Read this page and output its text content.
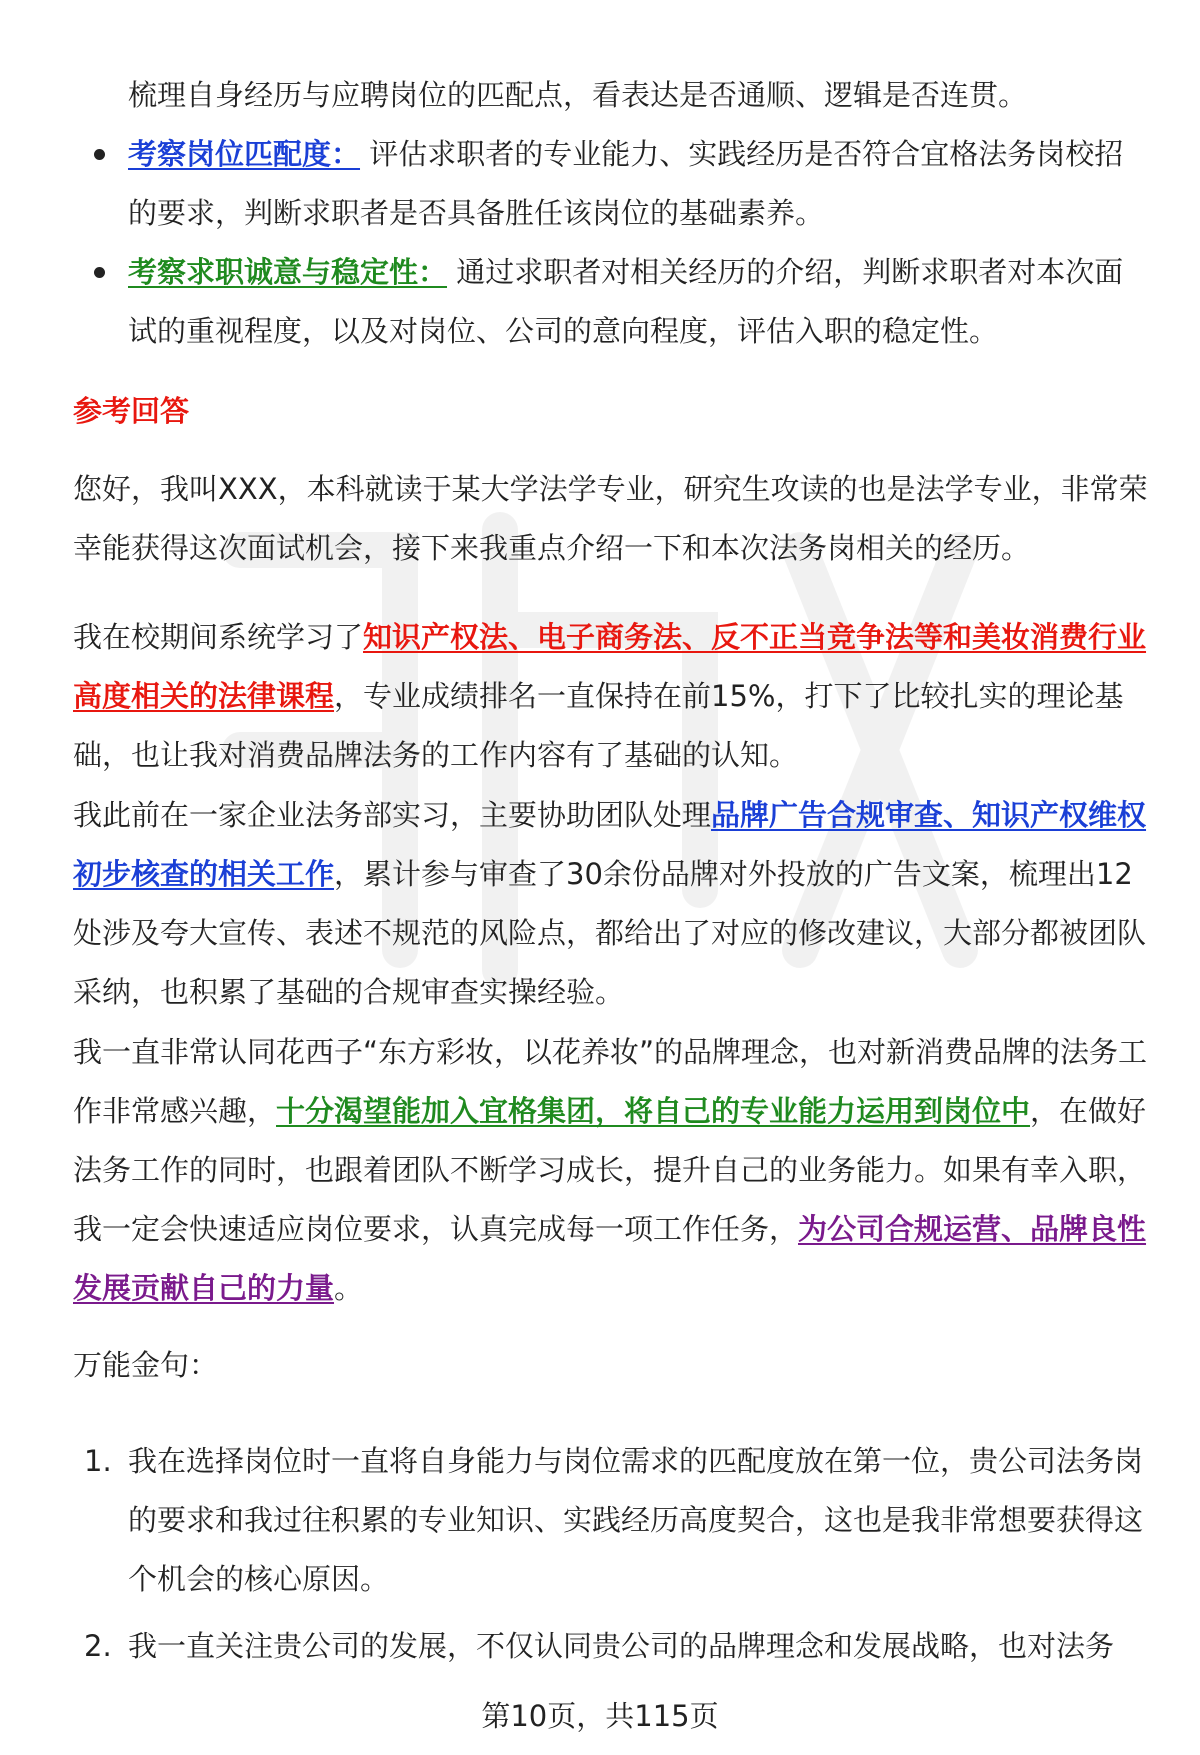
梳理自身经历与应聘岗位的匹配点，看表达是否通顺、逻辑是否连贯。
考察岗位匹配度： 评估求职者的专业能力、实践经历是否符合宜格法务岗校招的要求，判断求职者是否具备胜任该岗位的基础素养。
考察求职诚意与稳定性： 通过求职者对相关经历的介绍，判断求职者对本次面试的重视程度，以及对岗位、公司的意向程度，评估入职的稳定性。
参考回答

您好，我叫XXX，本科就读于某大学法学专业，研究生攻读的也是法学专业，非常荣幸能获得这次面试机会，接下来我重点介绍一下和本次法务岗相关的经历。

我在校期间系统学习了知识产权法、电子商务法、反不正当竞争法等和美妆消费行业高度相关的法律课程，专业成绩排名一直保持在前15%，打下了比较扎实的理论基础，也让我对消费品牌法务的工作内容有了基础的认知。

我此前在一家企业法务部实习，主要协助团队处理品牌广告合规审查、知识产权维权初步核查的相关工作，累计参与审查了30余份品牌对外投放的广告文案，梳理出12处涉及夸大宣传、表述不规范的风险点，都给出了对应的修改建议，大部分都被团队采纳，也积累了基础的合规审查实操经验。

我一直非常认同花西子“东方彩妆，以花养妆”的品牌理念，也对新消费品牌的法务工作非常感兴趣，十分渴望能加入宜格集团，将自己的专业能力运用到岗位中，在做好法务工作的同时，也跟着团队不断学习成长，提升自己的业务能力。如果有幸入职，我一定会快速适应岗位要求，认真完成每一项工作任务，为公司合规运营、品牌良性发展贡献自己的力量。

万能金句：

1. 我在选择岗位时一直将自身能力与岗位需求的匹配度放在第一位，贵公司法务岗的要求和我过往积累的专业知识、实践经历高度契合，这也是我非常想要获得这个机会的核心原因。
2. 我一直关注贵公司的发展，不仅认同贵公司的品牌理念和发展战略，也对法务
第10页，共115页
